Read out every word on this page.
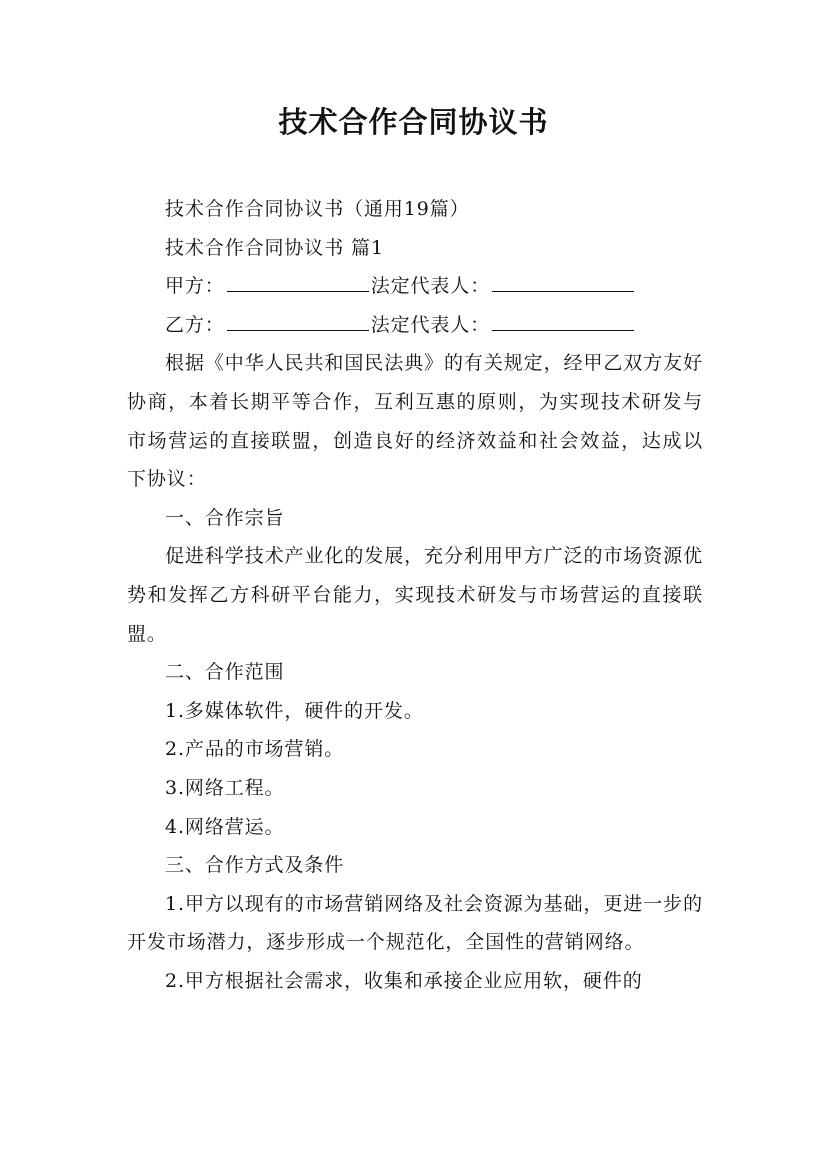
技术合作合同协议书

技术合作合同协议书（通用19篇）

技术合作合同协议书 篇1

甲方：	法定代表人：

乙方：	法定代表人：

根据《中华人民共和国民法典》的有关规定，经甲乙双方友好协商，本着长期平等合作，互利互惠的原则，为实现技术研发与市场营运的直接联盟，创造良好的经济效益和社会效益，达成以下协议：

一、合作宗旨

促进科学技术产业化的发展，充分利用甲方广泛的市场资源优势和发挥乙方科研平台能力，实现技术研发与市场营运的直接联盟。

二、合作范围

1.多媒体软件，硬件的开发。

2.产品的市场营销。

3.网络工程。

4.网络营运。

三、合作方式及条件

1.甲方以现有的市场营销网络及社会资源为基础，更进一步的开发市场潜力，逐步形成一个规范化，全国性的营销网络。

2.甲方根据社会需求，收集和承接企业应用软，硬件的
